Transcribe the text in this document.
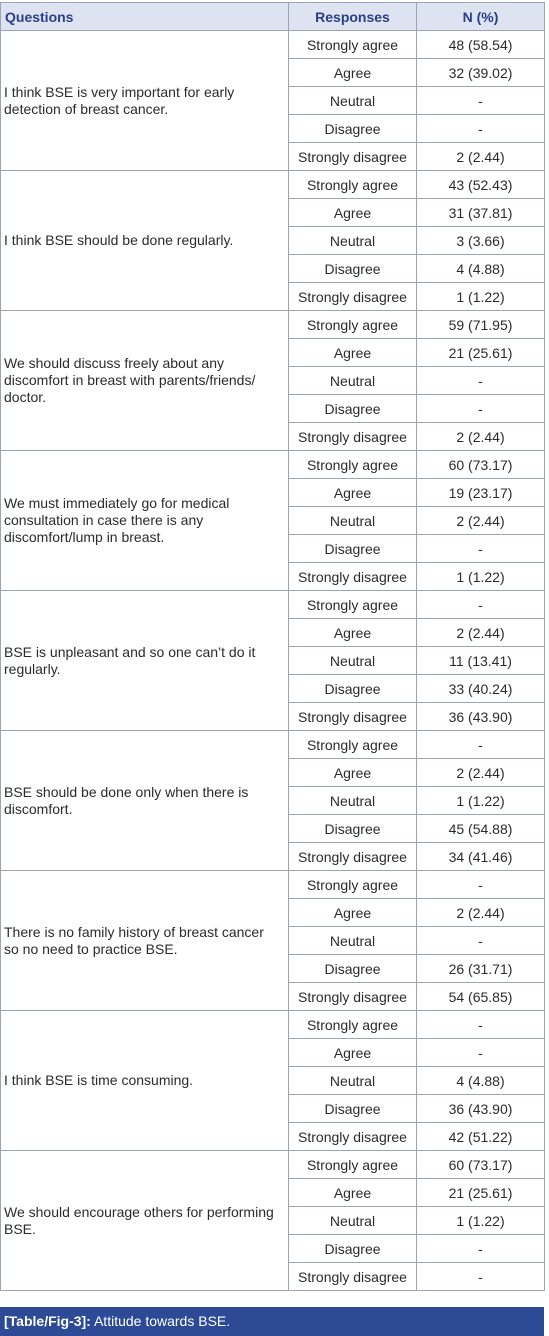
Questions	Responses	N (%)
I think BSE is very important for early detection of breast cancer.	Strongly agree	48 (58.54)
	Agree	32 (39.02)
	Neutral	-
	Disagree	-
	Strongly disagree	2 (2.44)
I think BSE should be done regularly.	Strongly agree	43 (52.43)
	Agree	31 (37.81)
	Neutral	3 (3.66)
	Disagree	4 (4.88)
	Strongly disagree	1 (1.22)
We should discuss freely about any discomfort in breast with parents/friends/ doctor.	Strongly agree	59 (71.95)
	Agree	21 (25.61)
	Neutral	-
	Disagree	-
	Strongly disagree	2 (2.44)
We must immediately go for medical consultation in case there is any discomfort/lump in breast.	Strongly agree	60 (73.17)
	Agree	19 (23.17)
	Neutral	2 (2.44)
	Disagree	-
	Strongly disagree	1 (1.22)
BSE is unpleasant and so one can’t do it regularly.	Strongly agree	-
	Agree	2 (2.44)
	Neutral	11 (13.41)
	Disagree	33 (40.24)
	Strongly disagree	36 (43.90)
BSE should be done only when there is discomfort.	Strongly agree	-
	Agree	2 (2.44)
	Neutral	1 (1.22)
	Disagree	45 (54.88)
	Strongly disagree	34 (41.46)
There is no family history of breast cancer so no need to practice BSE.	Strongly agree	-
	Agree	2 (2.44)
	Neutral	-
	Disagree	26 (31.71)
	Strongly disagree	54 (65.85)
I think BSE is time consuming.	Strongly agree	-
	Agree	-
	Neutral	4 (4.88)
	Disagree	36 (43.90)
	Strongly disagree	42 (51.22)
We should encourage others for performing BSE.	Strongly agree	60 (73.17)
	Agree	21 (25.61)
	Neutral	1 (1.22)
	Disagree	-
	Strongly disagree	-
[Table/Fig-3]: Attitude towards BSE.
